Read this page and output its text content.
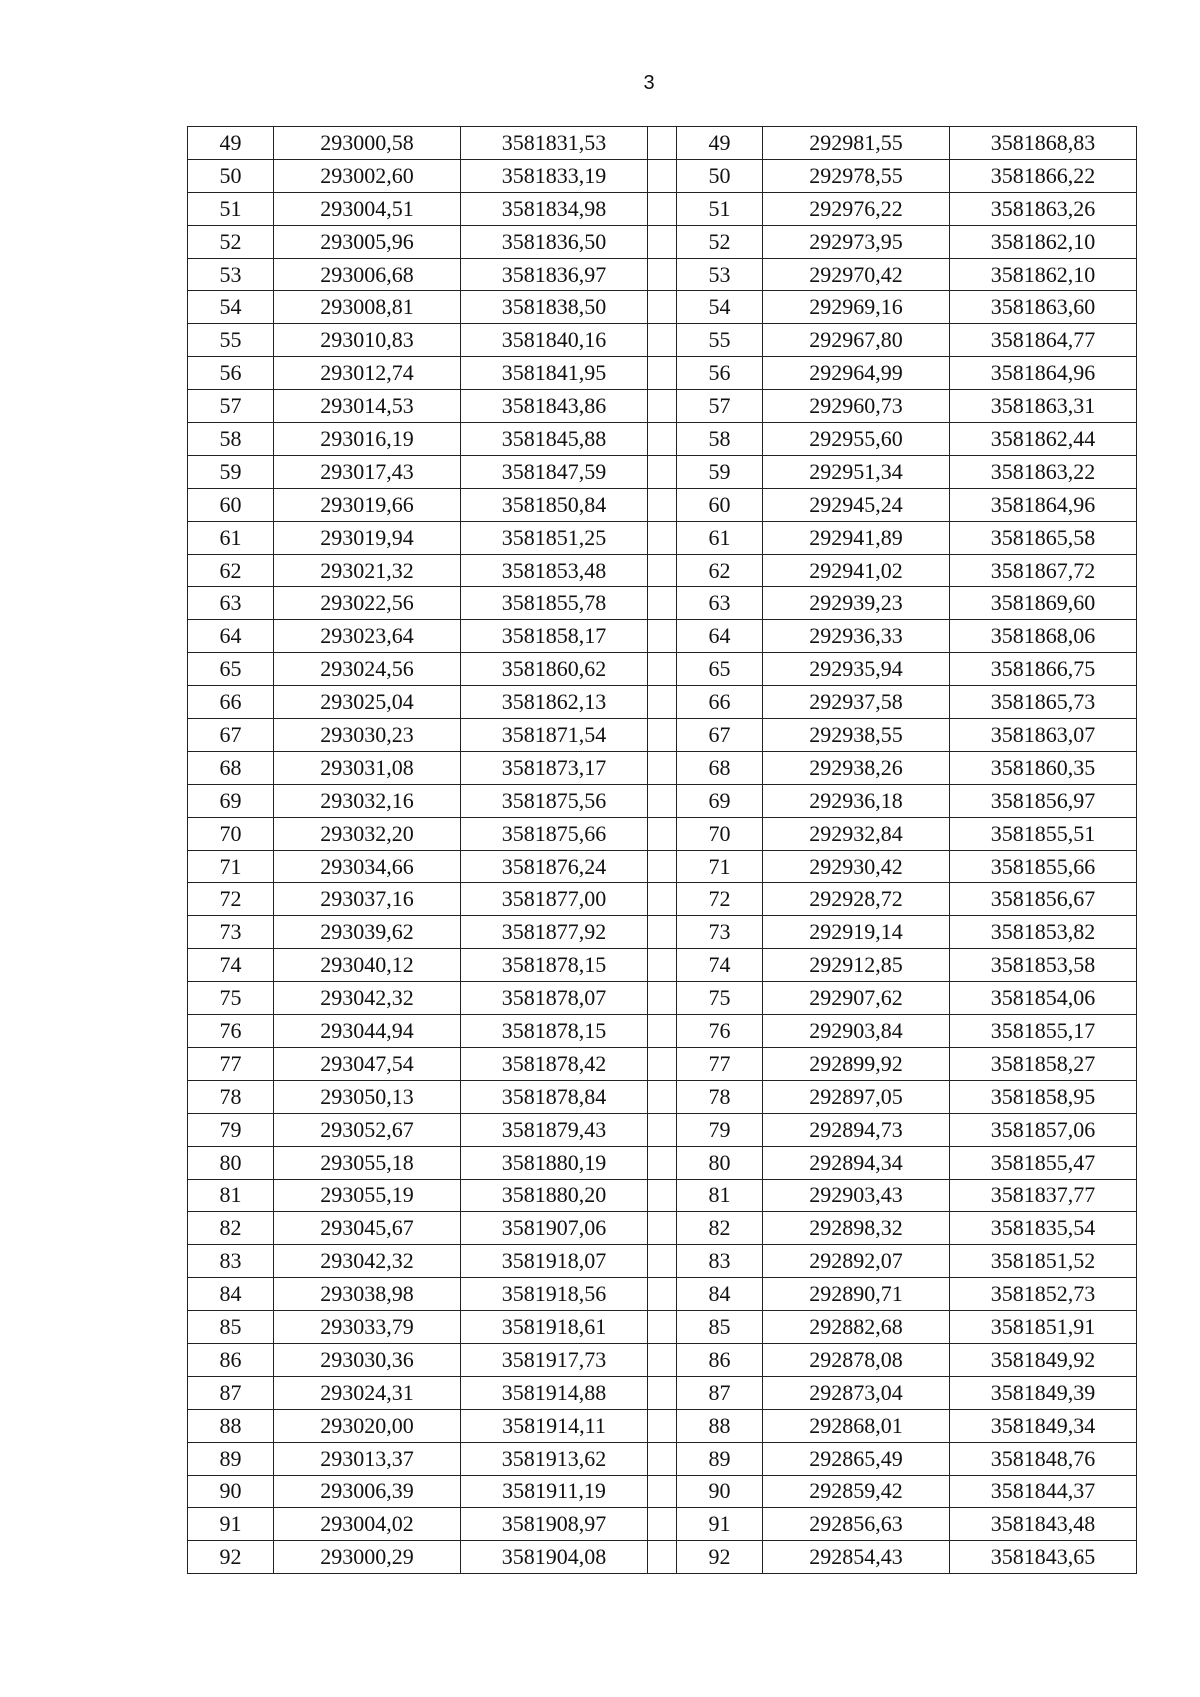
3
49	293000,58	3581831,53		49	292981,55	3581868,83
50	293002,60	3581833,19		50	292978,55	3581866,22
51	293004,51	3581834,98		51	292976,22	3581863,26
52	293005,96	3581836,50		52	292973,95	3581862,10
53	293006,68	3581836,97		53	292970,42	3581862,10
54	293008,81	3581838,50		54	292969,16	3581863,60
55	293010,83	3581840,16		55	292967,80	3581864,77
56	293012,74	3581841,95		56	292964,99	3581864,96
57	293014,53	3581843,86		57	292960,73	3581863,31
58	293016,19	3581845,88		58	292955,60	3581862,44
59	293017,43	3581847,59		59	292951,34	3581863,22
60	293019,66	3581850,84		60	292945,24	3581864,96
61	293019,94	3581851,25		61	292941,89	3581865,58
62	293021,32	3581853,48		62	292941,02	3581867,72
63	293022,56	3581855,78		63	292939,23	3581869,60
64	293023,64	3581858,17		64	292936,33	3581868,06
65	293024,56	3581860,62		65	292935,94	3581866,75
66	293025,04	3581862,13		66	292937,58	3581865,73
67	293030,23	3581871,54		67	292938,55	3581863,07
68	293031,08	3581873,17		68	292938,26	3581860,35
69	293032,16	3581875,56		69	292936,18	3581856,97
70	293032,20	3581875,66		70	292932,84	3581855,51
71	293034,66	3581876,24		71	292930,42	3581855,66
72	293037,16	3581877,00		72	292928,72	3581856,67
73	293039,62	3581877,92		73	292919,14	3581853,82
74	293040,12	3581878,15		74	292912,85	3581853,58
75	293042,32	3581878,07		75	292907,62	3581854,06
76	293044,94	3581878,15		76	292903,84	3581855,17
77	293047,54	3581878,42		77	292899,92	3581858,27
78	293050,13	3581878,84		78	292897,05	3581858,95
79	293052,67	3581879,43		79	292894,73	3581857,06
80	293055,18	3581880,19		80	292894,34	3581855,47
81	293055,19	3581880,20		81	292903,43	3581837,77
82	293045,67	3581907,06		82	292898,32	3581835,54
83	293042,32	3581918,07		83	292892,07	3581851,52
84	293038,98	3581918,56		84	292890,71	3581852,73
85	293033,79	3581918,61		85	292882,68	3581851,91
86	293030,36	3581917,73		86	292878,08	3581849,92
87	293024,31	3581914,88		87	292873,04	3581849,39
88	293020,00	3581914,11		88	292868,01	3581849,34
89	293013,37	3581913,62		89	292865,49	3581848,76
90	293006,39	3581911,19		90	292859,42	3581844,37
91	293004,02	3581908,97		91	292856,63	3581843,48
92	293000,29	3581904,08		92	292854,43	3581843,65
